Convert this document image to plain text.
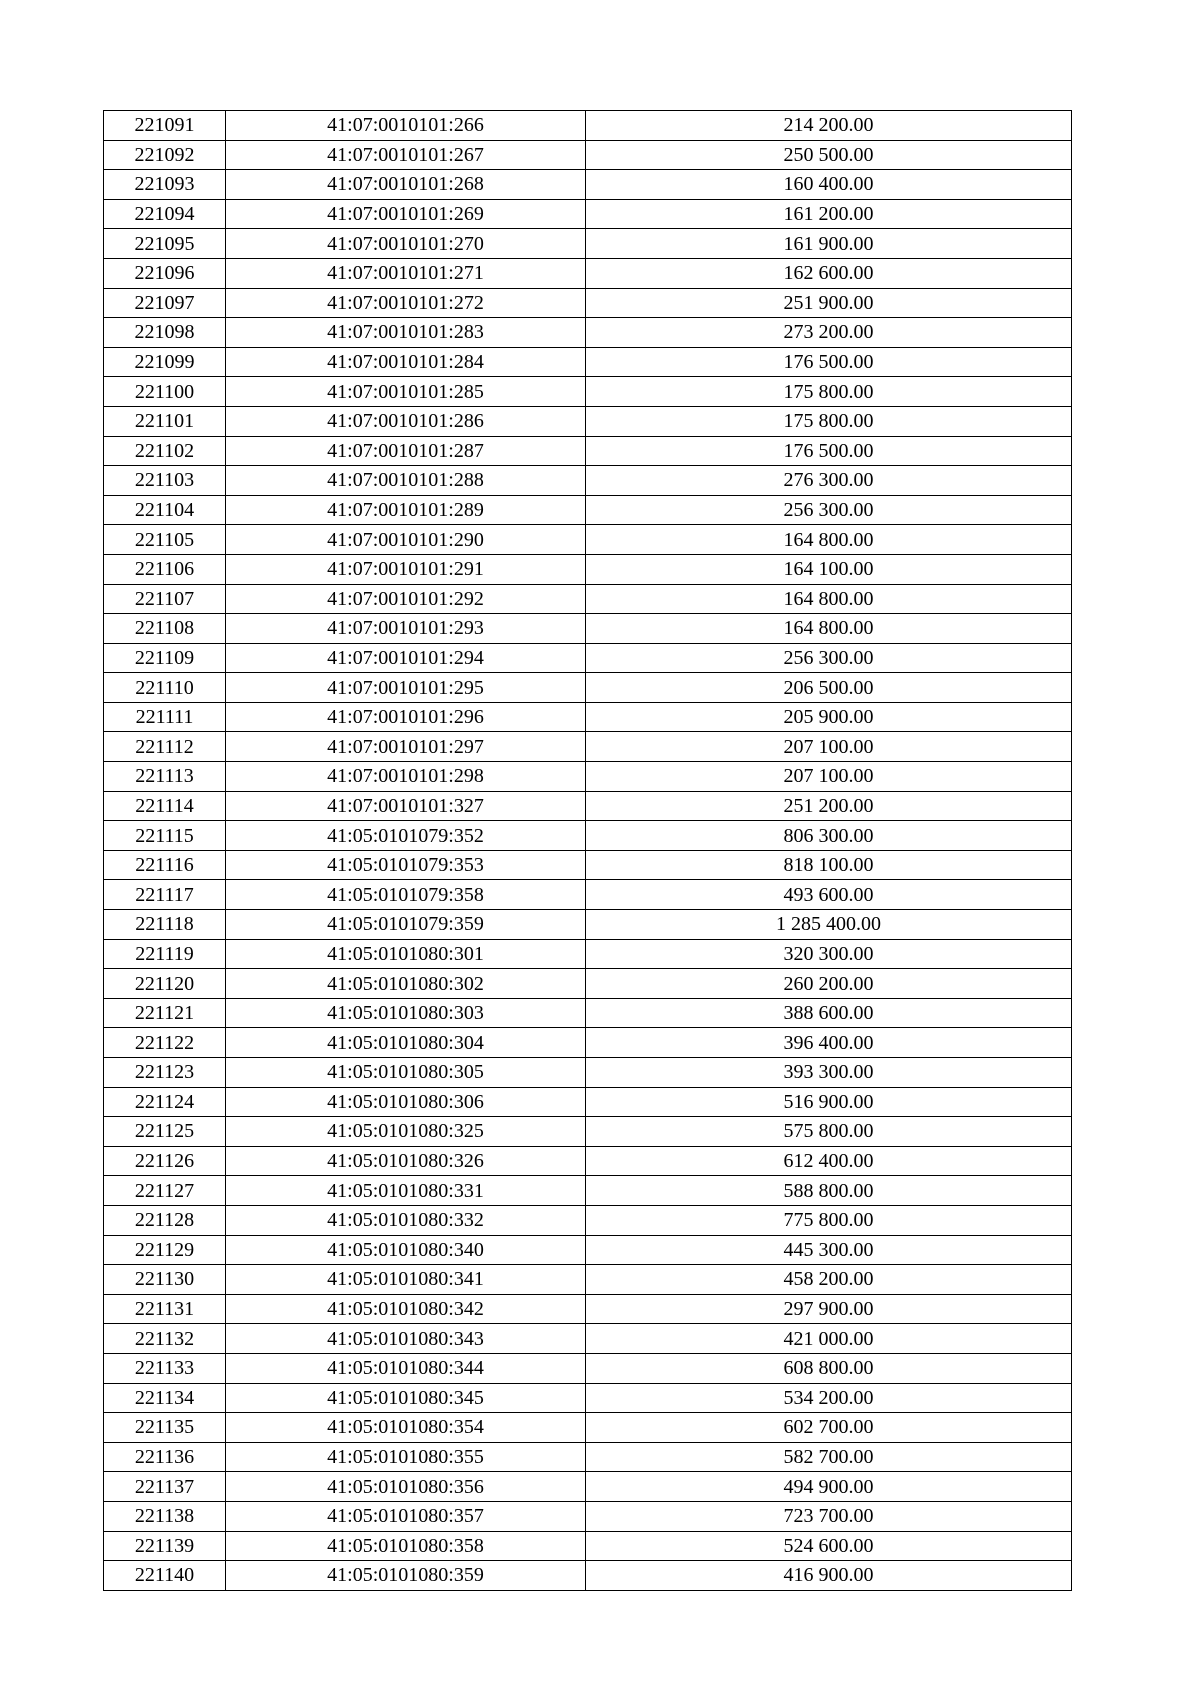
221091	41:07:0010101:266	214 200.00
221092	41:07:0010101:267	250 500.00
221093	41:07:0010101:268	160 400.00
221094	41:07:0010101:269	161 200.00
221095	41:07:0010101:270	161 900.00
221096	41:07:0010101:271	162 600.00
221097	41:07:0010101:272	251 900.00
221098	41:07:0010101:283	273 200.00
221099	41:07:0010101:284	176 500.00
221100	41:07:0010101:285	175 800.00
221101	41:07:0010101:286	175 800.00
221102	41:07:0010101:287	176 500.00
221103	41:07:0010101:288	276 300.00
221104	41:07:0010101:289	256 300.00
221105	41:07:0010101:290	164 800.00
221106	41:07:0010101:291	164 100.00
221107	41:07:0010101:292	164 800.00
221108	41:07:0010101:293	164 800.00
221109	41:07:0010101:294	256 300.00
221110	41:07:0010101:295	206 500.00
221111	41:07:0010101:296	205 900.00
221112	41:07:0010101:297	207 100.00
221113	41:07:0010101:298	207 100.00
221114	41:07:0010101:327	251 200.00
221115	41:05:0101079:352	806 300.00
221116	41:05:0101079:353	818 100.00
221117	41:05:0101079:358	493 600.00
221118	41:05:0101079:359	1 285 400.00
221119	41:05:0101080:301	320 300.00
221120	41:05:0101080:302	260 200.00
221121	41:05:0101080:303	388 600.00
221122	41:05:0101080:304	396 400.00
221123	41:05:0101080:305	393 300.00
221124	41:05:0101080:306	516 900.00
221125	41:05:0101080:325	575 800.00
221126	41:05:0101080:326	612 400.00
221127	41:05:0101080:331	588 800.00
221128	41:05:0101080:332	775 800.00
221129	41:05:0101080:340	445 300.00
221130	41:05:0101080:341	458 200.00
221131	41:05:0101080:342	297 900.00
221132	41:05:0101080:343	421 000.00
221133	41:05:0101080:344	608 800.00
221134	41:05:0101080:345	534 200.00
221135	41:05:0101080:354	602 700.00
221136	41:05:0101080:355	582 700.00
221137	41:05:0101080:356	494 900.00
221138	41:05:0101080:357	723 700.00
221139	41:05:0101080:358	524 600.00
221140	41:05:0101080:359	416 900.00
